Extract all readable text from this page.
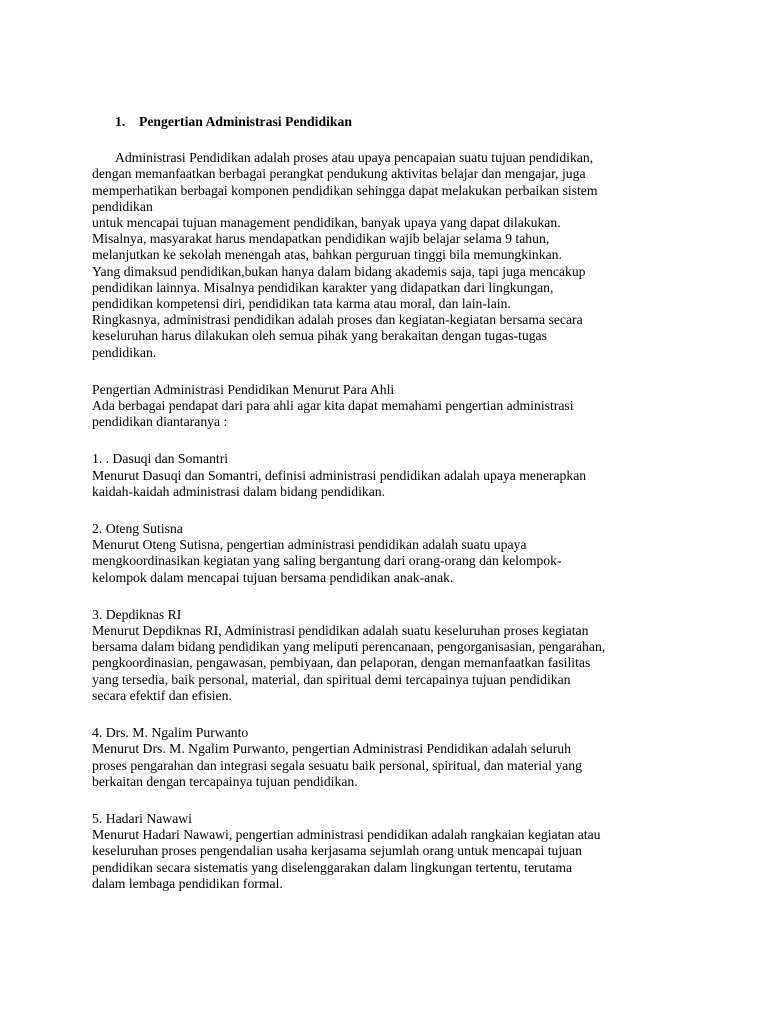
1.	Pengertian Administrasi Pendidikan
Administrasi Pendidikan adalah proses atau upaya pencapaian suatu tujuan pendidikan,
dengan memanfaatkan berbagai perangkat pendukung aktivitas belajar dan mengajar, juga
memperhatikan berbagai komponen pendidikan sehingga dapat melakukan perbaikan sistem
pendidikan
untuk mencapai tujuan management pendidikan, banyak upaya yang dapat dilakukan.
Misalnya, masyarakat harus mendapatkan pendidikan wajib belajar selama 9 tahun,
melanjutkan ke sekolah menengah atas, bahkan perguruan tinggi bila memungkinkan.
Yang dimaksud pendidikan,bukan hanya dalam bidang akademis saja, tapi juga mencakup
pendidikan lainnya. Misalnya pendidikan karakter yang didapatkan dari lingkungan,
pendidikan kompetensi diri, pendidikan tata karma atau moral, dan lain-lain.
Ringkasnya, administrasi pendidikan adalah proses dan kegiatan-kegiatan bersama secara
keseluruhan harus dilakukan oleh semua pihak yang berakaitan dengan tugas-tugas
pendidikan.
Pengertian Administrasi Pendidikan Menurut Para Ahli
Ada berbagai pendapat dari para ahli agar kita dapat memahami pengertian administrasi
pendidikan diantaranya :
1. . Dasuqi dan Somantri
Menurut Dasuqi dan Somantri, definisi administrasi pendidikan adalah upaya menerapkan
kaidah-kaidah administrasi dalam bidang pendidikan.
2. Oteng Sutisna
Menurut Oteng Sutisna, pengertian administrasi pendidikan adalah suatu upaya
mengkoordinasikan kegiatan yang saling bergantung dari orang-orang dan kelompok-
kelompok dalam mencapai tujuan bersama pendidikan anak-anak.
3. Depdiknas RI
Menurut Depdiknas RI, Administrasi pendidikan adalah suatu keseluruhan proses kegiatan
bersama dalam bidang pendidikan yang meliputi perencanaan, pengorganisasian, pengarahan,
pengkoordinasian, pengawasan, pembiyaan, dan pelaporan, dengan memanfaatkan fasilitas
yang tersedia, baik personal, material, dan spiritual demi tercapainya tujuan pendidikan
secara efektif dan efisien.
4. Drs. M. Ngalim Purwanto
Menurut Drs. M. Ngalim Purwanto, pengertian Administrasi Pendidikan adalah seluruh
proses pengarahan dan integrasi segala sesuatu baik personal, spiritual, dan material yang
berkaitan dengan tercapainya tujuan pendidikan.
5. Hadari Nawawi
Menurut Hadari Nawawi, pengertian administrasi pendidikan adalah rangkaian kegiatan atau
keseluruhan proses pengendalian usaha kerjasama sejumlah orang untuk mencapai tujuan
pendidikan secara sistematis yang diselenggarakan dalam lingkungan tertentu, terutama
dalam lembaga pendidikan formal.
